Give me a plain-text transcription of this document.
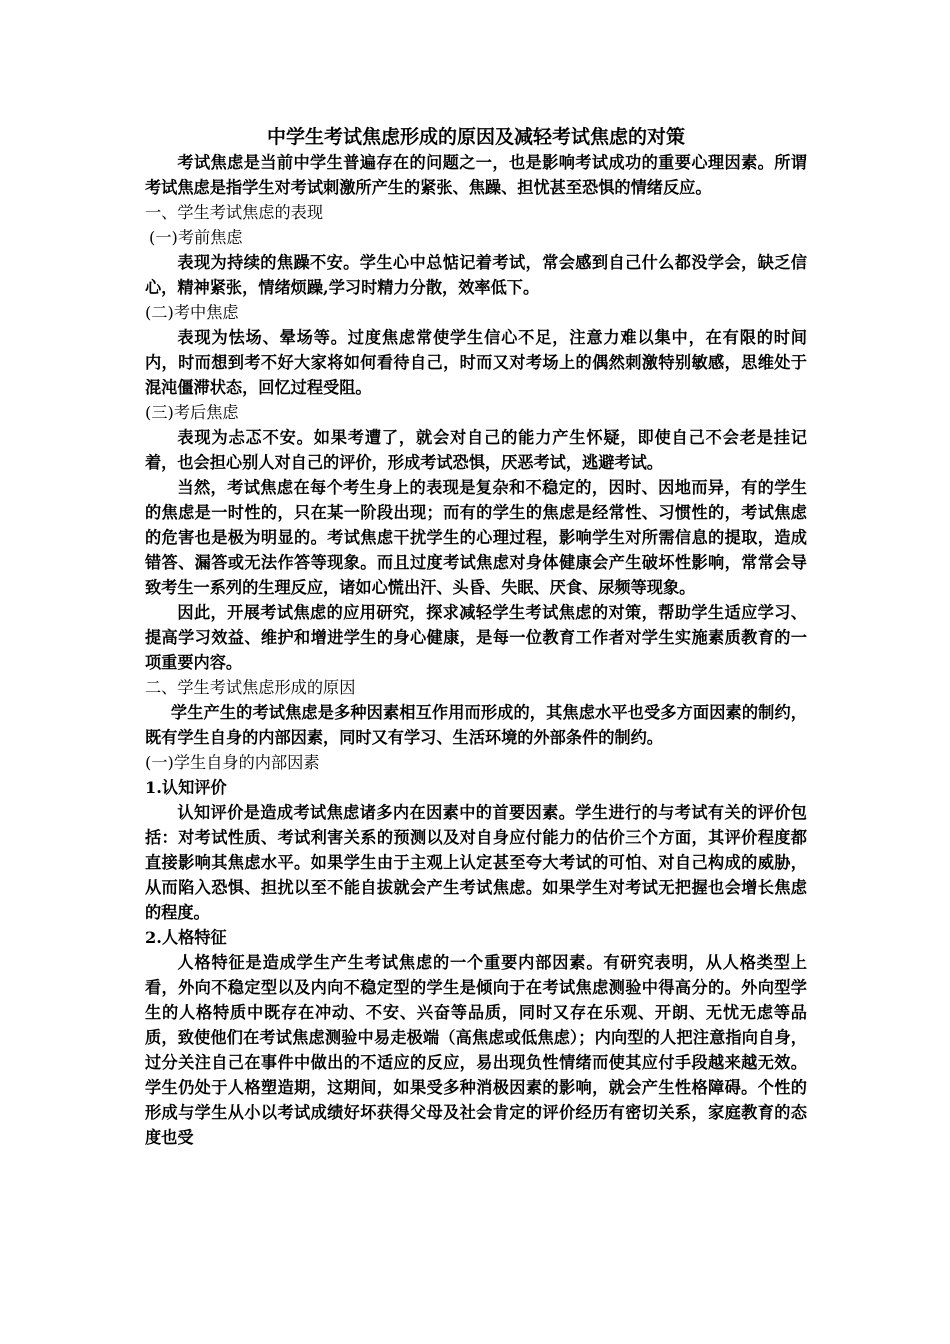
中学生考试焦虑形成的原因及减轻考试焦虑的对策

考试焦虑是当前中学生普遍存在的问题之一，也是影响考试成功的重要心理因素。所谓考试焦虑是指学生对考试刺激所产生的紧张、焦躁、担忧甚至恐惧的情绪反应。

一、学生考试焦虑的表现

(一)考前焦虑

表现为持续的焦躁不安。学生心中总惦记着考试，常会感到自己什么都没学会，缺乏信心，精神紧张，情绪烦躁,学习时精力分散，效率低下。

(二)考中焦虑

表现为怯场、晕场等。过度焦虑常使学生信心不足，注意力难以集中，在有限的时间内，时而想到考不好大家将如何看待自己，时而又对考场上的偶然刺激特别敏感，思维处于混沌僵滞状态，回忆过程受阻。

(三)考后焦虑

表现为忐忑不安。如果考遭了，就会对自己的能力产生怀疑，即使自己不会老是挂记着，也会担心别人对自己的评价，形成考试恐惧，厌恶考试，逃避考试。

当然，考试焦虑在每个考生身上的表现是复杂和不稳定的，因时、因地而异，有的学生的焦虑是一时性的，只在某一阶段出现；而有的学生的焦虑是经常性、习惯性的，考试焦虑的危害也是极为明显的。考试焦虑干扰学生的心理过程，影响学生对所需信息的提取，造成错答、漏答或无法作答等现象。而且过度考试焦虑对身体健康会产生破坏性影响，常常会导致考生一系列的生理反应，诸如心慌出汗、头昏、失眠、厌食、尿频等现象。

因此，开展考试焦虑的应用研究，探求减轻学生考试焦虑的对策，帮助学生适应学习、提高学习效益、维护和增进学生的身心健康，是每一位教育工作者对学生实施素质教育的一项重要内容。

二、学生考试焦虑形成的原因

学生产生的考试焦虑是多种因素相互作用而形成的，其焦虑水平也受多方面因素的制约，既有学生自身的内部因素，同时又有学习、生活环境的外部条件的制约。

(一)学生自身的内部因素

1.认知评价

认知评价是造成考试焦虑诸多内在因素中的首要因素。学生进行的与考试有关的评价包括：对考试性质、考试利害关系的预测以及对自身应付能力的估价三个方面，其评价程度都直接影响其焦虑水平。如果学生由于主观上认定甚至夸大考试的可怕、对自己构成的威胁，从而陷入恐惧、担扰以至不能自拔就会产生考试焦虑。如果学生对考试无把握也会增长焦虑的程度。

2.人格特征

人格特征是造成学生产生考试焦虑的一个重要内部因素。有研究表明，从人格类型上看，外向不稳定型以及内向不稳定型的学生是倾向于在考试焦虑测验中得高分的。外向型学生的人格特质中既存在冲动、不安、兴奋等品质，同时又存在乐观、开朗、无忧无虑等品质，致使他们在考试焦虑测验中易走极端（高焦虑或低焦虑）；内向型的人把注意指向自身，过分关注自己在事件中做出的不适应的反应，易出现负性情绪而使其应付手段越来越无效。学生仍处于人格塑造期，这期间，如果受多种消极因素的影响，就会产生性格障碍。个性的形成与学生从小以考试成绩好坏获得父母及社会肯定的评价经历有密切关系，家庭教育的态度也受
